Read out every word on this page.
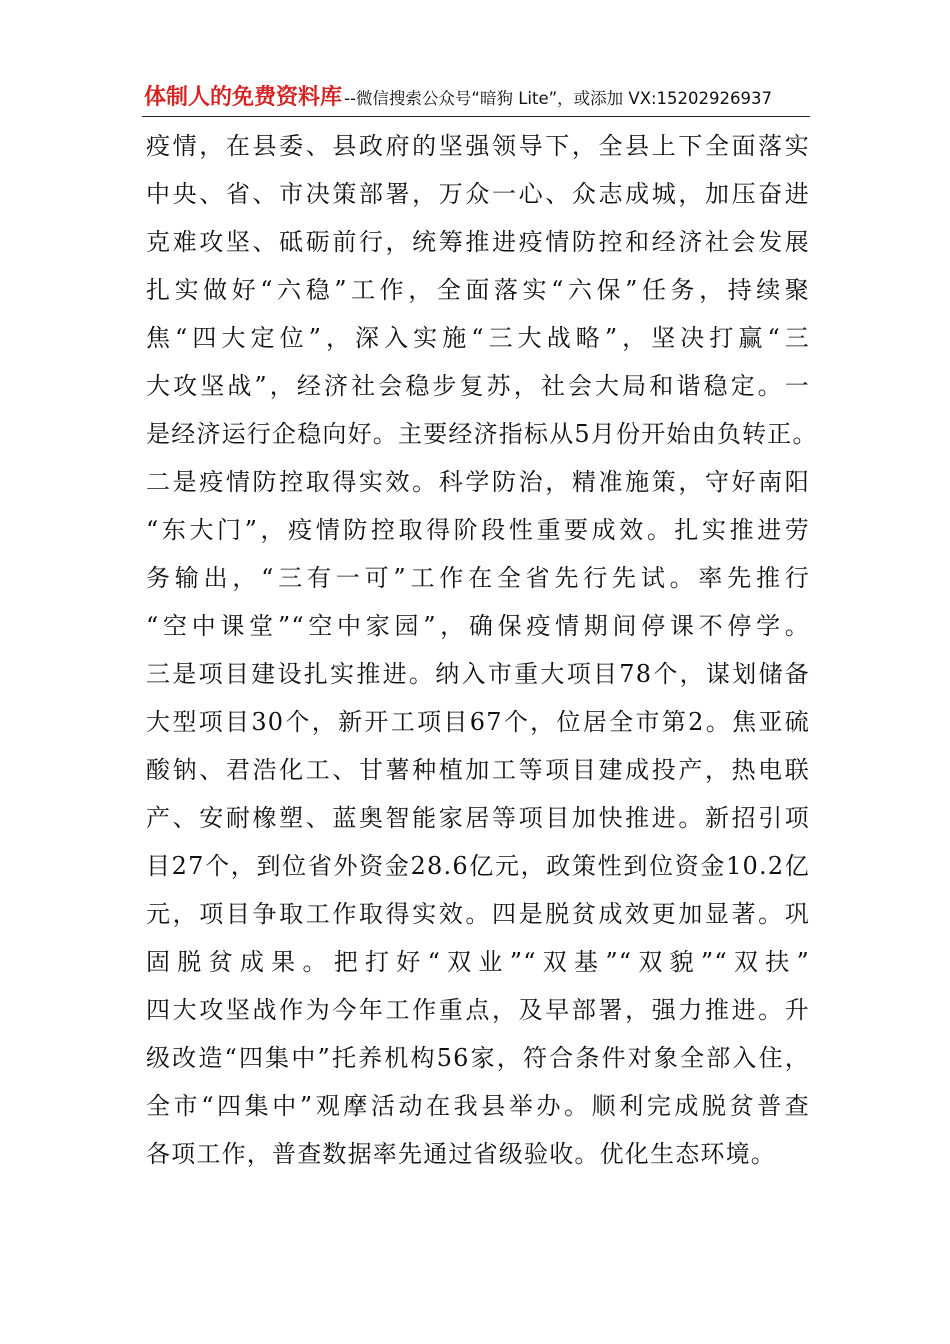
体制人的免费资料库 --微信搜索公众号“暗狗 Lite”，或添加 VX:15202926937
疫情，在县委、县政府的坚强领导下，全县上下全面落实
中央、省、市决策部署，万众一心、众志成城，加压奋进
克难攻坚、砥砺前行，统筹推进疫情防控和经济社会发展
扎实做好“六稳”工作，全面落实“六保”任务，持续聚
焦“四大定位”，深入实施“三大战略”，坚决打赢“三
大攻坚战”，经济社会稳步复苏，社会大局和谐稳定。一
是经济运行企稳向好。主要经济指标从5月份开始由负转正。
二是疫情防控取得实效。科学防治，精准施策，守好南阳
“东大门”，疫情防控取得阶段性重要成效。扎实推进劳
务输出，“三有一可”工作在全省先行先试。率先推行
“空中课堂”“空中家园”，确保疫情期间停课不停学。
三是项目建设扎实推进。纳入市重大项目78个，谋划储备
大型项目30个，新开工项目67个，位居全市第2。焦亚硫
酸钠、君浩化工、甘薯种植加工等项目建成投产，热电联
产、安耐橡塑、蓝奥智能家居等项目加快推进。新招引项
目27个，到位省外资金28.6亿元，政策性到位资金10.2亿
元，项目争取工作取得实效。四是脱贫成效更加显著。巩
固脱贫成果。把打好“双业”“双基”“双貌”“双扶”
四大攻坚战作为今年工作重点，及早部署，强力推进。升
级改造“四集中”托养机构56家，符合条件对象全部入住，
全市“四集中”观摩活动在我县举办。顺利完成脱贫普查
各项工作，普查数据率先通过省级验收。优化生态环境。
